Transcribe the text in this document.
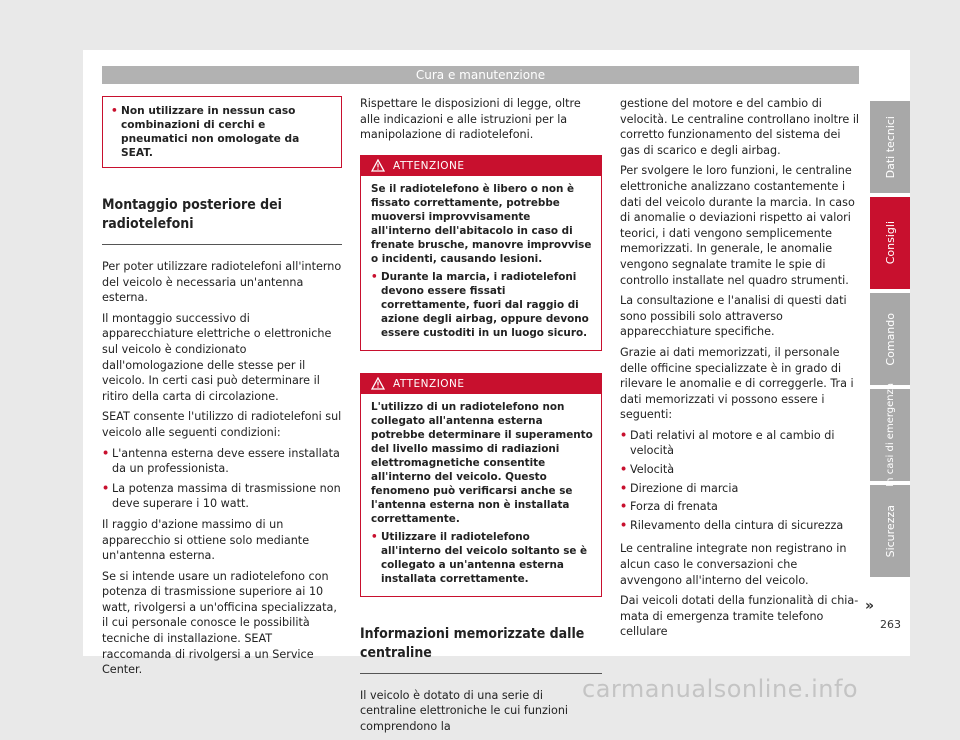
Cura e manutenzione
• Non utilizzare in nessun caso combinazioni di cerchi e pneumatici non omologate da SEAT.
Montaggio posteriore dei radiotelefoni

Per poter utilizzare radiotelefoni all'interno del veicolo è necessaria un'antenna esterna.

Il montaggio successivo di apparecchiature elettriche o elettroniche sul veicolo è condizionato dall'omologazione delle stesse per il veicolo. In certi casi può determinare il ritiro della carta di circolazione.

SEAT consente l'utilizzo di radiotelefoni sul veicolo alle seguenti condizioni:

• L'antenna esterna deve essere installata da un professionista.
• La potenza massima di trasmissione non deve superare i 10 watt.

Il raggio d'azione massimo di un apparecchio si ottiene solo mediante un'antenna esterna.

Se si intende usare un radiotelefono con potenza di trasmissione superiore ai 10 watt, rivolgersi a un'officina specializzata, il cui personale conosce le possibilità tecniche di installazione. SEAT raccomanda di rivolgersi a un Service Center.

Rispettare le disposizioni di legge, oltre alle indicazioni e alle istruzioni per la manipolazione di radiotelefoni.

ATTENZIONE
Se il radiotelefono è libero o non è fissato correttamente, potrebbe muoversi improvvisamente all'interno dell'abitacolo in caso di frenate brusche, manovre improvvise o incidenti, causando lesioni.
• Durante la marcia, i radiotelefoni devono essere fissati correttamente, fuori dal raggio di azione degli airbag, oppure devono essere custoditi in un luogo sicuro.
ATTENZIONE
L'utilizzo di un radiotelefono non collegato all'antenna esterna potrebbe determinare il superamento del livello massimo di radiazioni elettromagnetiche consentite all'interno del veicolo. Questo fenomeno può verificarsi anche se l'antenna esterna non è installata correttamente.
• Utilizzare il radiotelefono all'interno del veicolo soltanto se è collegato a un'antenna esterna installata correttamente.
Informazioni memorizzate dalle centraline

Il veicolo è dotato di una serie di centraline elettroniche le cui funzioni comprendono la

gestione del motore e del cambio di velocità. Le centraline controllano inoltre il corretto funzionamento del sistema dei gas di scarico e degli airbag.

Per svolgere le loro funzioni, le centraline elettroniche analizzano costantemente i dati del veicolo durante la marcia. In caso di anomalie o deviazioni rispetto ai valori teorici, i dati vengono semplicemente memorizzati. In generale, le anomalie vengono segnalate tramite le spie di controllo installate nel quadro strumenti.

La consultazione e l'analisi di questi dati sono possibili solo attraverso apparecchiature specifiche.

Grazie ai dati memorizzati, il personale delle officine specializzate è in grado di rilevare le anomalie e di correggerle. Tra i dati memorizzati vi possono essere i seguenti:

• Dati relativi al motore e al cambio di velocità
• Velocità
• Direzione di marcia
• Forza di frenata
• Rilevamento della cintura di sicurezza

Le centraline integrate non registrano in alcun caso le conversazioni che avvengono all'interno del veicolo.

Dai veicoli dotati della funzionalità di chiamata di emergenza tramite telefono cellulare

»
Dati tecnici
Consigli
Comando
In casi di emergenza
Sicurezza
263
carmanualsonline.info
